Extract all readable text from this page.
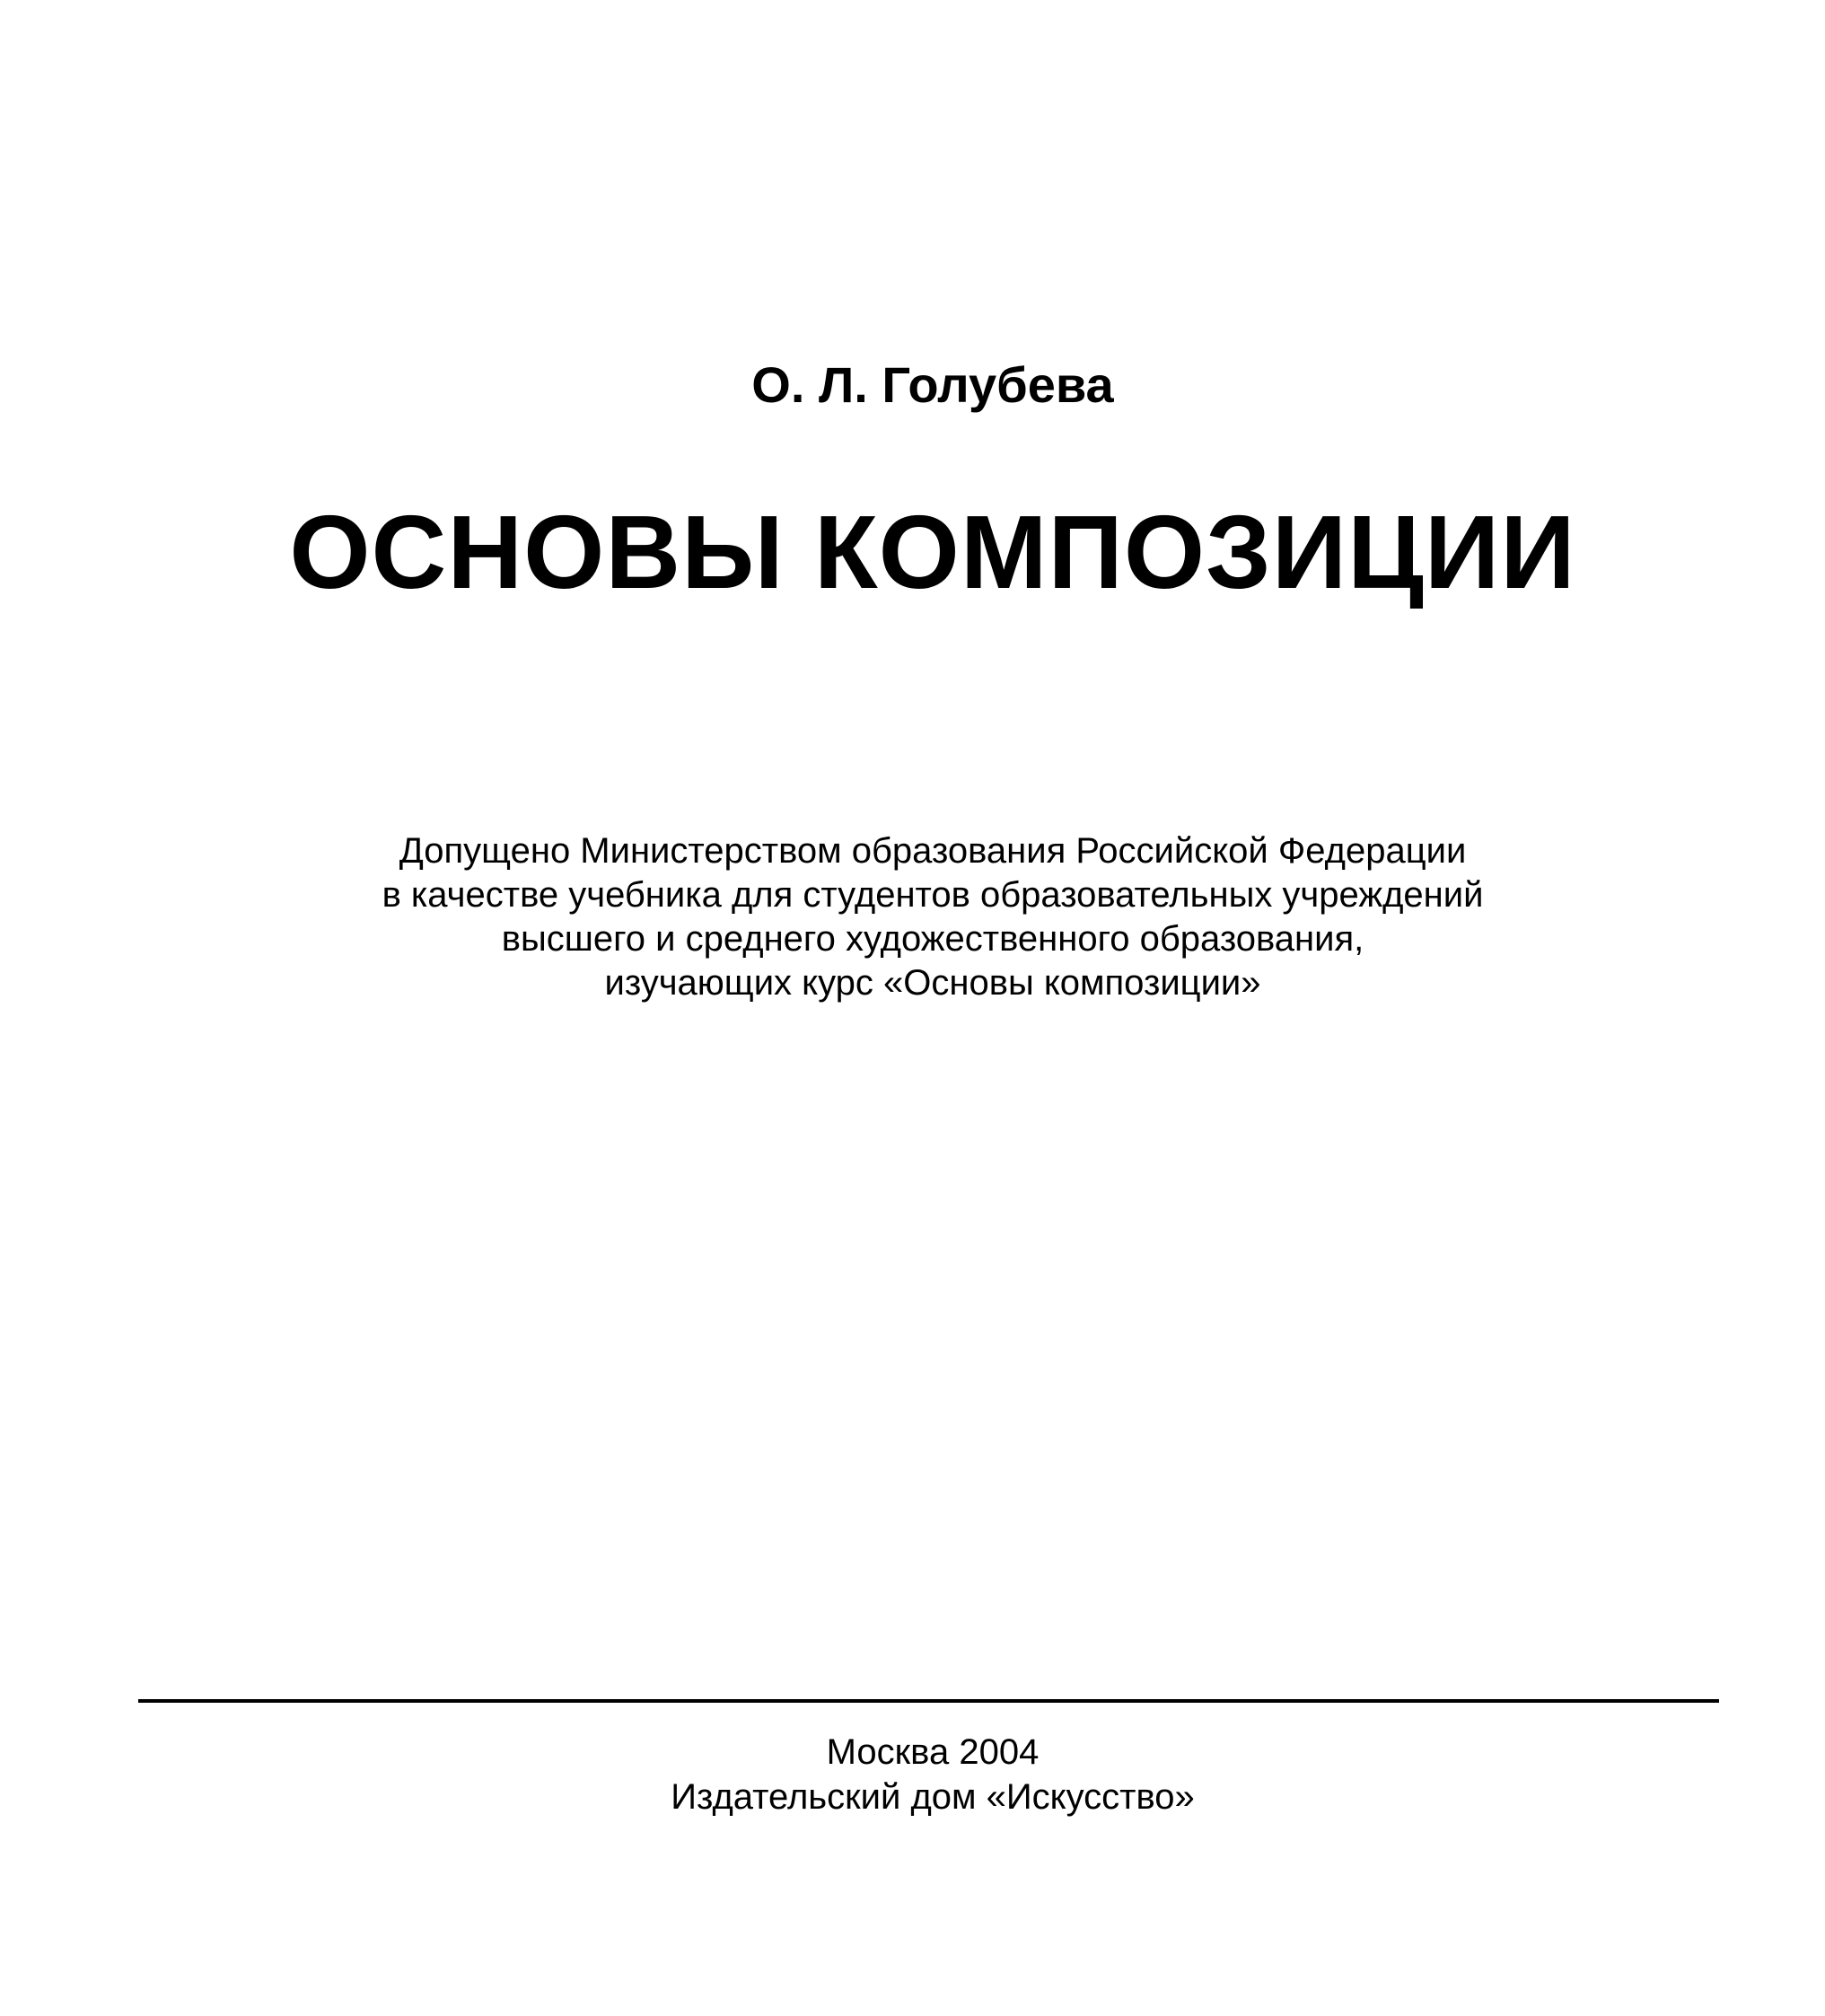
О. Л. Голубева
ОСНОВЫ КОМПОЗИЦИИ
Допущено Министерством образования Российской Федерации
в качестве учебника для студентов образовательных учреждений
высшего и среднего художественного образования,
изучающих курс «Основы композиции»
Москва 2004
Издательский дом «Искусство»
